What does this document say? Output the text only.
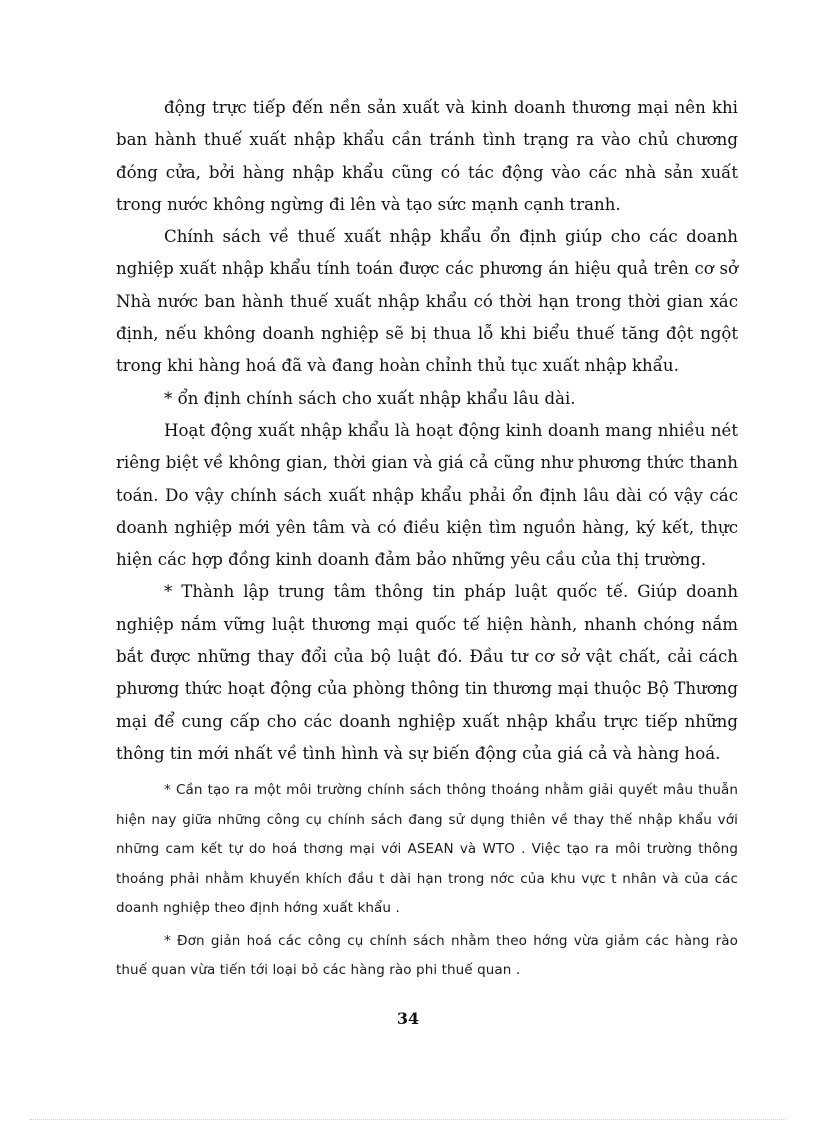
động trực tiếp đến nền sản xuất và kinh doanh thương mại nên khi ban hành thuế xuất nhập khẩu cần tránh tình trạng ra vào chủ chương đóng cửa, bởi hàng nhập khẩu cũng có tác động vào các nhà sản xuất trong nước không ngừng đi lên và tạo sức mạnh cạnh tranh.

Chính sách về thuế xuất nhập khẩu ổn định giúp cho các doanh nghiệp xuất nhập khẩu tính toán được các phương án hiệu quả trên cơ sở Nhà nước ban hành thuế xuất nhập khẩu có thời hạn trong thời gian xác định, nếu không doanh nghiệp sẽ bị thua lỗ khi biểu thuế tăng đột ngột trong khi hàng hoá đã và đang hoàn chỉnh thủ tục xuất nhập khẩu.

* ổn định chính sách cho xuất nhập khẩu lâu dài.

Hoạt động xuất nhập khẩu là hoạt động kinh doanh mang nhiều nét riêng biệt về không gian, thời gian và giá cả cũng như phương thức thanh toán. Do vậy chính sách xuất nhập khẩu phải ổn định lâu dài có vậy các doanh nghiệp mới yên tâm và có điều kiện tìm nguồn hàng, ký kết, thực hiện các hợp đồng kinh doanh đảm bảo những yêu cầu của thị trường.

* Thành lập trung tâm thông tin pháp luật quốc tế. Giúp doanh nghiệp nắm vững luật thương mại quốc tế hiện hành, nhanh chóng nắm bắt được những thay đổi của bộ luật đó. Đầu tư cơ sở vật chất, cải cách phương thức hoạt động của phòng thông tin thương mại thuộc Bộ Thương mại để cung cấp cho các doanh nghiệp xuất nhập khẩu trực tiếp những thông tin mới nhất về tình hình và sự biến động của giá cả và hàng hoá.

* Cần tạo ra một môi trường chính sách thông thoáng nhằm giải quyết mâu thuẫn hiện nay giữa những công cụ chính sách đang sử dụng thiên về thay thế nhập khẩu với những cam kết tự do hoá thơng mại với ASEAN và WTO . Việc tạo ra môi trường thông thoáng phải nhằm khuyến khích đầu t dài hạn trong nớc của khu vực t nhân và của các doanh nghiệp theo định hớng xuất khẩu .

* Đơn giản hoá các công cụ chính sách nhằm theo hớng vừa giảm các hàng rào thuế quan vừa tiến tới loại bỏ các hàng rào phi thuế quan .

34
